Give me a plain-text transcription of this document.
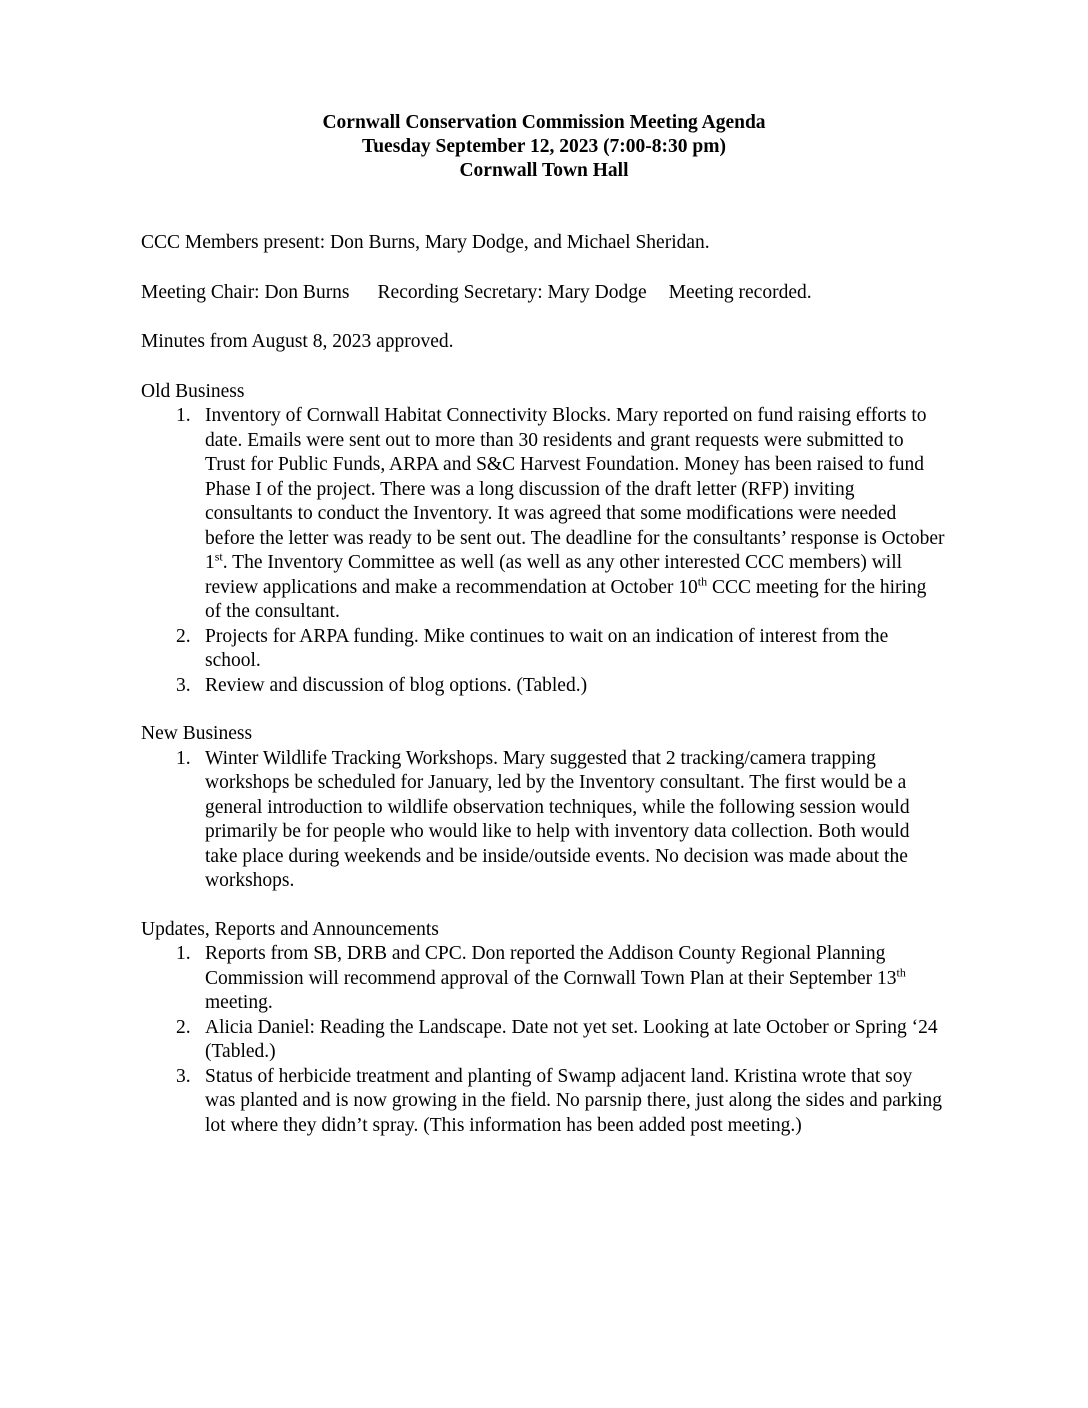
Cornwall Conservation Commission Meeting Agenda
Tuesday September 12, 2023 (7:00-8:30 pm)
Cornwall Town Hall

CCC Members present: Don Burns, Mary Dodge, and Michael Sheridan.

Meeting Chair: Don Burns Recording Secretary: Mary Dodge Meeting recorded.

Minutes from August 8, 2023 approved.

Old Business

1. Inventory of Cornwall Habitat Connectivity Blocks. Mary reported on fund raising efforts to date. Emails were sent out to more than 30 residents and grant requests were submitted to Trust for Public Funds, ARPA and S&C Harvest Foundation. Money has been raised to fund Phase I of the project. There was a long discussion of the draft letter (RFP) inviting consultants to conduct the Inventory. It was agreed that some modifications were needed before the letter was ready to be sent out. The deadline for the consultants’ response is October 1st. The Inventory Committee as well (as well as any other interested CCC members) will review applications and make a recommendation at October 10th CCC meeting for the hiring of the consultant.
2. Projects for ARPA funding. Mike continues to wait on an indication of interest from the school.
3. Review and discussion of blog options. (Tabled.)

New Business

1. Winter Wildlife Tracking Workshops. Mary suggested that 2 tracking/camera trapping workshops be scheduled for January, led by the Inventory consultant. The first would be a general introduction to wildlife observation techniques, while the following session would primarily be for people who would like to help with inventory data collection. Both would take place during weekends and be inside/outside events. No decision was made about the workshops.

Updates, Reports and Announcements

1. Reports from SB, DRB and CPC. Don reported the Addison County Regional Planning Commission will recommend approval of the Cornwall Town Plan at their September 13th meeting.
2. Alicia Daniel: Reading the Landscape. Date not yet set. Looking at late October or Spring ‘24 (Tabled.)
3. Status of herbicide treatment and planting of Swamp adjacent land. Kristina wrote that soy was planted and is now growing in the field. No parsnip there, just along the sides and parking lot where they didn’t spray. (This information has been added post meeting.)
